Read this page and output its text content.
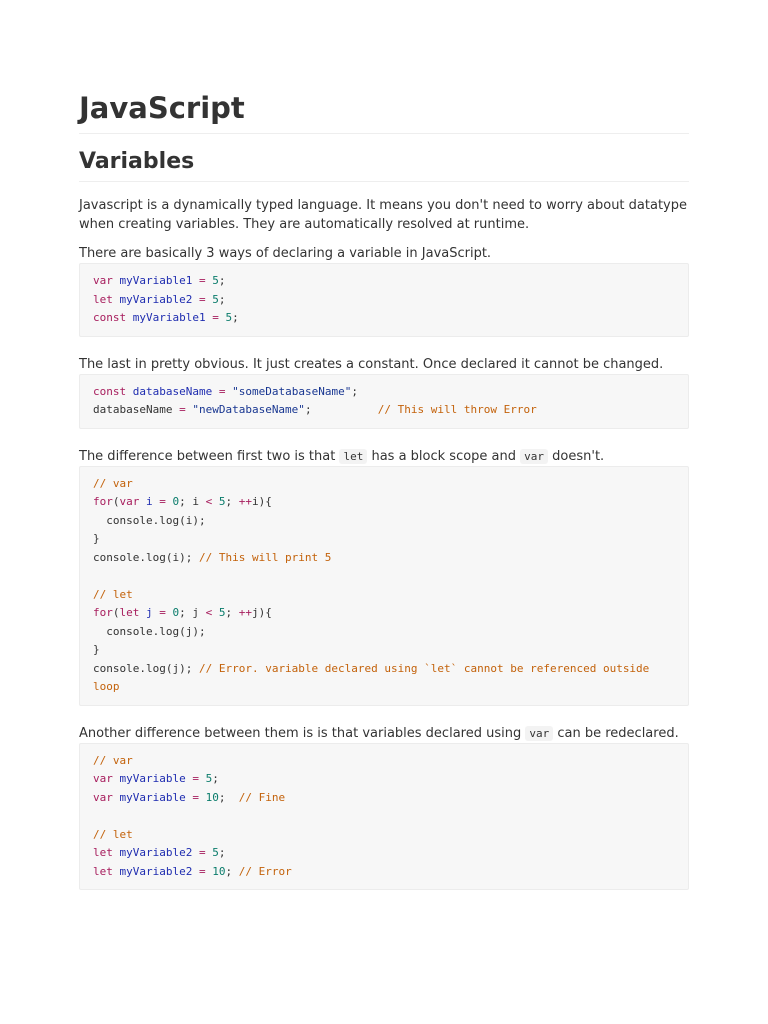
JavaScript
Variables

Javascript is a dynamically typed language. It means you don't need to worry about datatype when creating variables. They are automatically resolved at runtime.

There are basically 3 ways of declaring a variable in JavaScript.

var myVariable1 = 5;
let myVariable2 = 5;
const myVariable1 = 5;

The last in pretty obvious. It just creates a constant. Once declared it cannot be changed.

const databaseName = "someDatabaseName";
databaseName = "newDatabaseName";          // This will throw Error

The difference between first two is that let has a block scope and var doesn't.

// var
for(var i = 0; i < 5; ++i){
console.log(i);
}
console.log(i); // This will print 5

// let
for(let j = 0; j < 5; ++j){
console.log(j);
}
console.log(j); // Error. variable declared using `let` cannot be referenced outside loop

Another difference between them is is that variables declared using var can be redeclared.

// var
var myVariable = 5;
var myVariable = 10;  // Fine

// let
let myVariable2 = 5;
let myVariable2 = 10; // Error
